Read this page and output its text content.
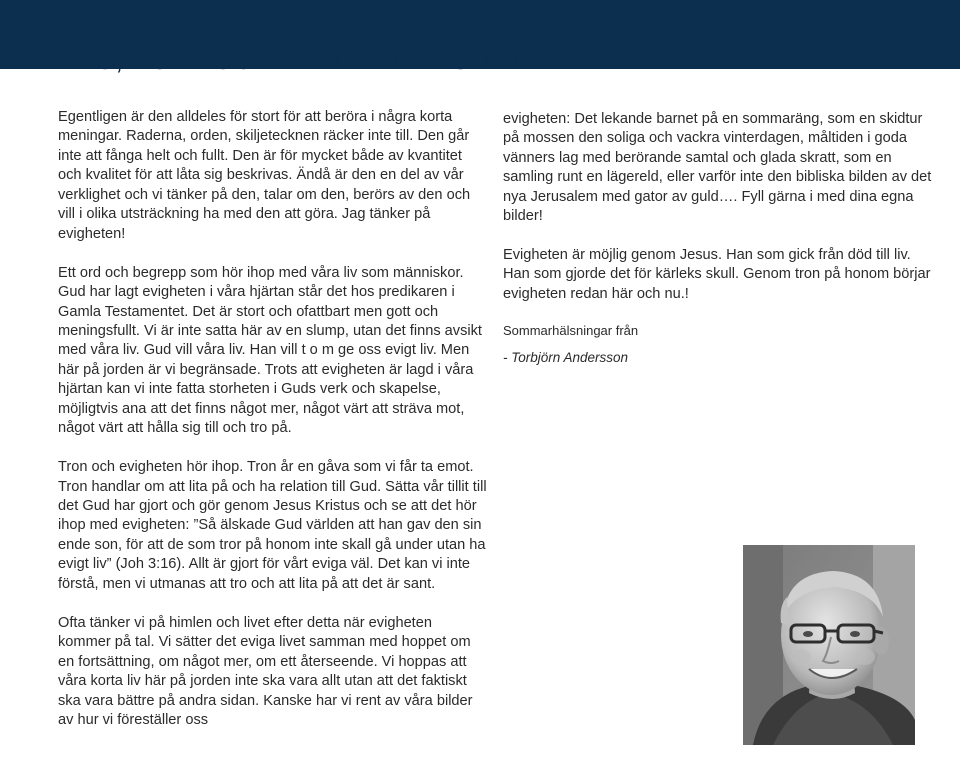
TRO, HOPP OCH KÄRLEK I EVIGHET

Egentligen är den alldeles för stort för att beröra i några korta meningar. Raderna, orden, skiljetecknen räcker inte till. Den går inte att fånga helt och fullt. Den är för mycket både av kvantitet och kvalitet för att låta sig beskrivas. Ändå är den en del av vår verklighet och vi tänker på den, talar om den, berörs av den och vill i olika utsträckning ha med den att göra. Jag tänker på evigheten!

Ett ord och begrepp som hör ihop med våra liv som människor. Gud har lagt evigheten i våra hjärtan står det hos predikaren i Gamla Testamentet. Det är stort och ofattbart men gott och meningsfullt. Vi är inte satta här av en slump, utan det finns avsikt med våra liv. Gud vill våra liv. Han vill t o m ge oss evigt liv. Men här på jorden är vi begränsade. Trots att evigheten är lagd i våra hjärtan kan vi inte fatta storheten i Guds verk och skapelse, möjligtvis ana att det finns något mer, något värt att sträva mot, något värt att hålla sig till och tro på.

Tron och evigheten hör ihop. Tron år en gåva som vi får ta emot. Tron handlar om att lita på och ha relation till Gud. Sätta vår tillit till det Gud har gjort och gör genom Jesus Kristus och se att det hör ihop med evigheten: ”Så älskade Gud världen att han gav den sin ende son, för att de som tror på honom inte skall gå under utan ha evigt liv” (Joh 3:16). Allt är gjort för vårt eviga väl. Det kan vi inte förstå, men vi utmanas att tro och att lita på att det är sant.

Ofta tänker vi på himlen och livet efter detta när evigheten kommer på tal. Vi sätter det eviga livet samman med hoppet om en fortsättning, om något mer, om ett återseende. Vi hoppas att våra korta liv här på jorden inte ska vara allt utan att det faktiskt ska vara bättre på andra sidan. Kanske har vi rent av våra bilder av hur vi föreställer oss

evigheten: Det lekande barnet på en sommaräng, som en skidtur på mossen den soliga och vackra vinterdagen, måltiden i goda vänners lag med berörande samtal och glada skratt, som en samling runt en lägereld, eller varför inte den bibliska bilden av det nya Jerusalem med gator av guld…. Fyll gärna i med dina egna bilder!

Evigheten är möjlig genom Jesus. Han som gick från död till liv. Han som gjorde det för kärleks skull. Genom tron på honom börjar evigheten redan här och nu.!

Sommarhälsningar från

- Torbjörn Andersson
